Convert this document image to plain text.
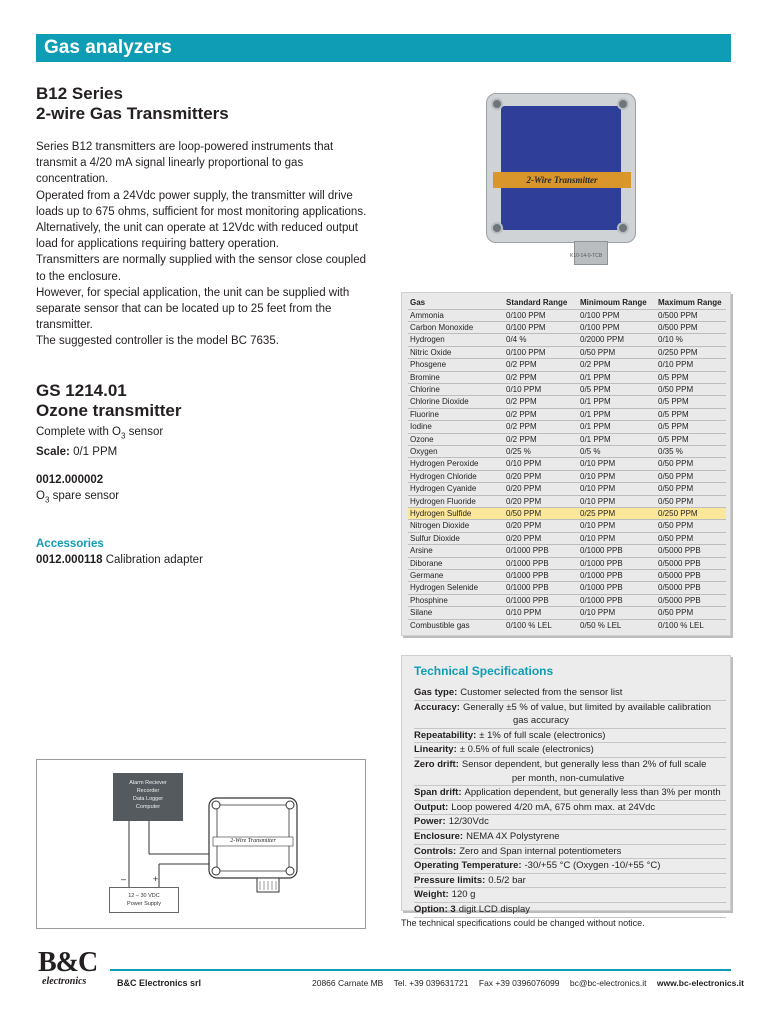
Gas analyzers
B12 Series
2-wire Gas Transmitters

Series B12 transmitters are loop-powered instruments that
transmit a 4/20 mA signal linearly proportional to gas
concentration.

Operated from a 24Vdc power supply, the transmitter will drive
loads up to 675 ohms, sufficient for most monitoring applications.

Alternatively, the unit can operate at 12Vdc with reduced output
load for applications requiring battery operation.

Transmitters are normally supplied with the sensor close coupled
to the enclosure.

However, for special application, the unit can be supplied with
separate sensor that can be located up to 25 feet from the
transmitter.

The suggested controller is the model BC 7635.

GS 1214.01
Ozone transmitter
Complete with $O_3$ sensor
Scale: 0/1 PPM
0012.000002
$O_3$ spare sensor
Accessories
0012.000118 Calibration adapter
2-Wire Transmitter
K10-14-0-TCB
Gas	Standard Range	Minimoum Range	Maximum Range
Ammonia	0/100 PPM	0/100 PPM	0/500 PPM
Carbon Monoxide	0/100 PPM	0/100 PPM	0/500 PPM
Hydrogen	0/4 %	0/2000 PPM	0/10 %
Nitric Oxide	0/100 PPM	0/50 PPM	0/250 PPM
Phosgene	0/2 PPM	0/2 PPM	0/10 PPM
Bromine	0/2 PPM	0/1 PPM	0/5 PPM
Chlorine	0/10 PPM	0/5 PPM	0/50 PPM
Chlorine Dioxide	0/2 PPM	0/1 PPM	0/5 PPM
Fluorine	0/2 PPM	0/1 PPM	0/5 PPM
Iodine	0/2 PPM	0/1 PPM	0/5 PPM
Ozone	0/2 PPM	0/1 PPM	0/5 PPM
Oxygen	0/25 %	0/5 %	0/35 %
Hydrogen Peroxide	0/10 PPM	0/10 PPM	0/50 PPM
Hydrogen Chloride	0/20 PPM	0/10 PPM	0/50 PPM
Hydrogen Cyanide	0/20 PPM	0/10 PPM	0/50 PPM
Hydrogen Fluoride	0/20 PPM	0/10 PPM	0/50 PPM
Hydrogen Sulfide	0/50 PPM	0/25 PPM	0/250 PPM
Nitrogen Dioxide	0/20 PPM	0/10 PPM	0/50 PPM
Sulfur Dioxide	0/20 PPM	0/10 PPM	0/50 PPM
Arsine	0/1000 PPB	0/1000 PPB	0/5000 PPB
Diborane	0/1000 PPB	0/1000 PPB	0/5000 PPB
Germane	0/1000 PPB	0/1000 PPB	0/5000 PPB
Hydrogen Selenide	0/1000 PPB	0/1000 PPB	0/5000 PPB
Phosphine	0/1000 PPB	0/1000 PPB	0/5000 PPB
Silane	0/10 PPM	0/10 PPM	0/50 PPM
Combustible gas	0/100 % LEL	0/50 % LEL	0/100 % LEL
Technical Specifications
Gas type: Customer selected from the sensor list
Accuracy: Generally ±5 % of value, but limited by available calibration
gas accuracy
Repeatability: ± 1% of full scale (electronics)
Linearity: ± 0.5% of full scale (electronics)
Zero drift: Sensor dependent, but generally less than 2% of full scale
per month, non-cumulative
Span drift: Application dependent, but generally less than 3% per month
Output: Loop powered 4/20 mA, 675 ohm max. at 24Vdc
Power: 12/30Vdc
Enclosure: NEMA 4X Polystyrene
Controls: Zero and Span internal potentiometers
Operating Temperature: -30/+55 °C (Oxygen -10/+55 °C)
Pressure limits: 0.5/2 bar
Weight: 120 g
Option: 3 digit LCD display
The technical specifications could be changed without notice.
Alarm Reciever
Recorder
Data Logger
Computer
–	+
12 – 30 VDC
Power Supply
2-Wire Transmitter
B&C
electronics	B&C Electronics srl	20866 Carnate MB Tel. +39 039631721 Fax +39 0396076099 bc@bc-electronics.it www.bc-electronics.it
